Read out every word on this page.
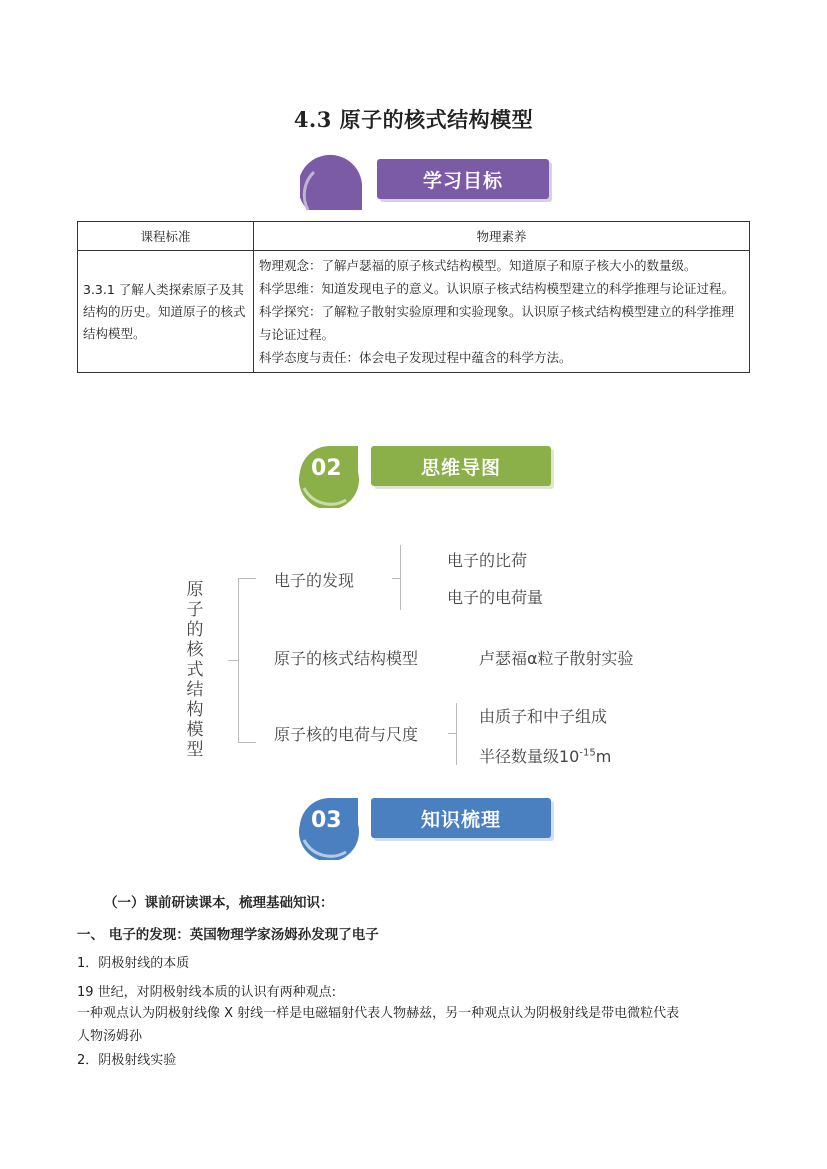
4.3 原子的核式结构模型
学习目标
课程标准	物理素养
3.3.1 了解人类探索原子及其结构的历史。知道原子的核式结构模型。	物理观念：了解卢瑟福的原子核式结构模型。知道原子和原子核大小的数量级。
科学思维：知道发现电子的意义。认识原子核式结构模型建立的科学推理与论证过程。
科学探究：了解粒子散射实验原理和实验现象。认识原子核式结构模型建立的科学推理与论证过程。
科学态度与责任：体会电子发现过程中蕴含的科学方法。
02	思维导图
原子的核式结构模型
电子的发现
电子的比荷
电子的电荷量
原子的核式结构模型	卢瑟福α粒子散射实验
原子核的电荷与尺度
由质子和中子组成
半径数量级$10^{-15}m$
03	知识梳理
（一）课前研读课本，梳理基础知识：
一、 电子的发现：英国物理学家汤姆孙发现了电子
1．阴极射线的本质
19 世纪，对阴极射线本质的认识有两种观点:
一种观点认为阴极射线像 X 射线一样是电磁辐射代表人物赫兹，另一种观点认为阴极射线是带电微粒代表
人物汤姆孙
2．阴极射线实验
